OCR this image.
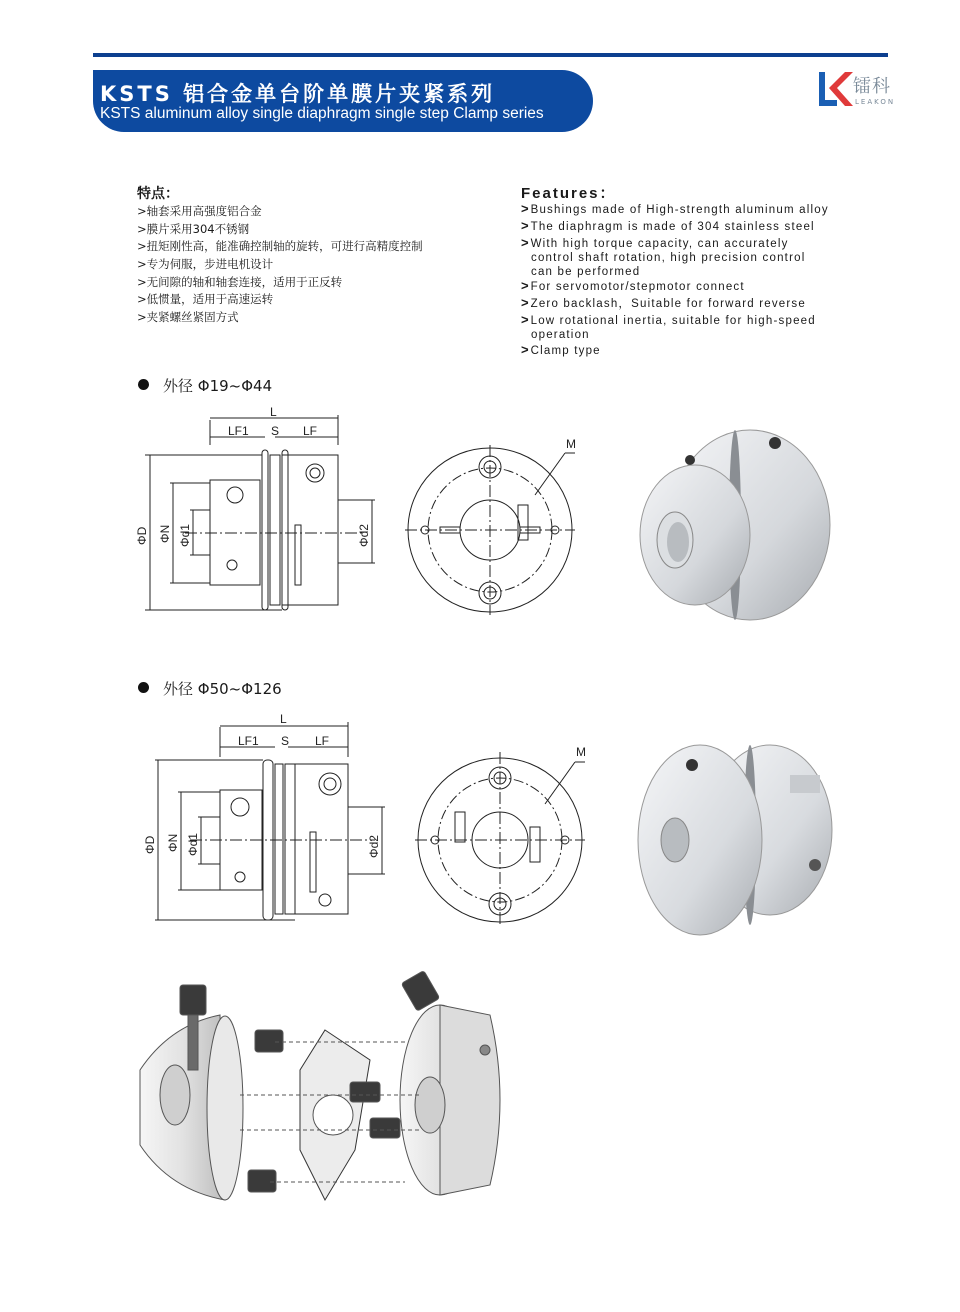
KSTS 铝合金单台阶单膜片夹紧系列
KSTS aluminum alloy single diaphragm single step Clamp series
镭科
LEAKON
特点：
>轴套采用高强度铝合金
>膜片采用304不锈钢
>扭矩刚性高，能准确控制轴的旋转，可进行高精度控制
>专为伺服，步进电机设计
>无间隙的轴和轴套连接，适用于正反转
>低惯量，适用于高速运转
>夹紧螺丝紧固方式
Features：
> Bushings made of High-strength aluminum alloy
> The diaphragm is made of 304 stainless steel
> With high torque capacity, can accurately
control shaft rotation, high precision control
can be performed
> For servomotor/stepmotor connect
> Zero backlash，Suitable for forward reverse
> Low rotational inertia, suitable for high-speed
operation
> Clamp type
外径 Φ19~Φ44
L
LF1 S LF
ΦD ΦN Φd1	Φd2
M
外径 Φ50~Φ126
L
LF1 S LF
ΦD ΦN Φd1	Φd2
M
